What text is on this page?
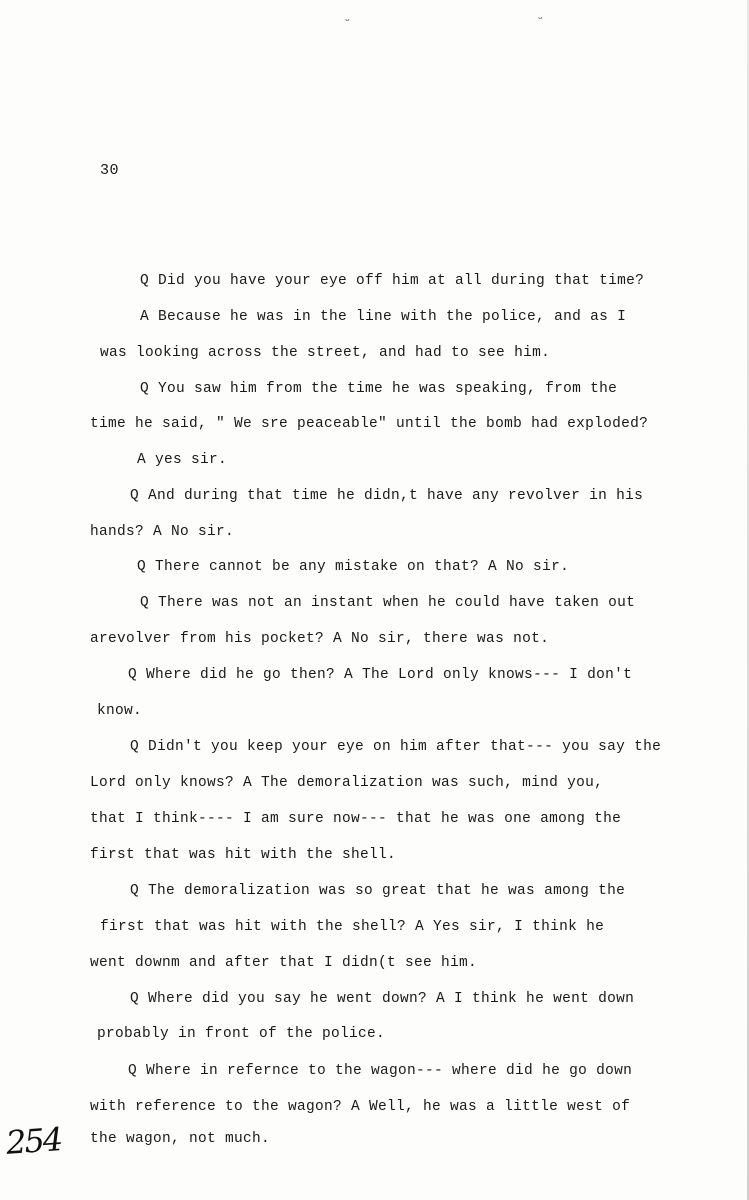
ᵕ	ᵕ
30
Q Did you have your eye off him at all during that time?
A Because he was in the line with the police, and as I
was looking across the street, and had to see him.
Q You saw him from the time he was speaking, from the
time he said, " We sre peaceable" until the bomb had exploded?
A yes sir.
Q And during that time he didn,t have any revolver in his
hands? A No sir.
Q There cannot be any mistake on that? A No sir.
Q There was not an instant when he could have taken out
arevolver from his pocket? A No sir, there was not.
Q Where did he go then? A The Lord only knows--- I don't
know.
Q Didn't you keep your eye on him after that--- you say the
Lord only knows? A The demoralization was such, mind you,
that I think---- I am sure now--- that he was one among the
first that was hit with the shell.
Q The demoralization was so great that he was among the
first that was hit with the shell? A Yes sir, I think he
went downm and after that I didn(t see him.
Q Where did you say he went down? A I think he went down
probably in front of the police.
Q Where in refernce to the wagon--- where did he go down
with reference to the wagon? A Well, he was a little west of
the wagon, not much.
254
